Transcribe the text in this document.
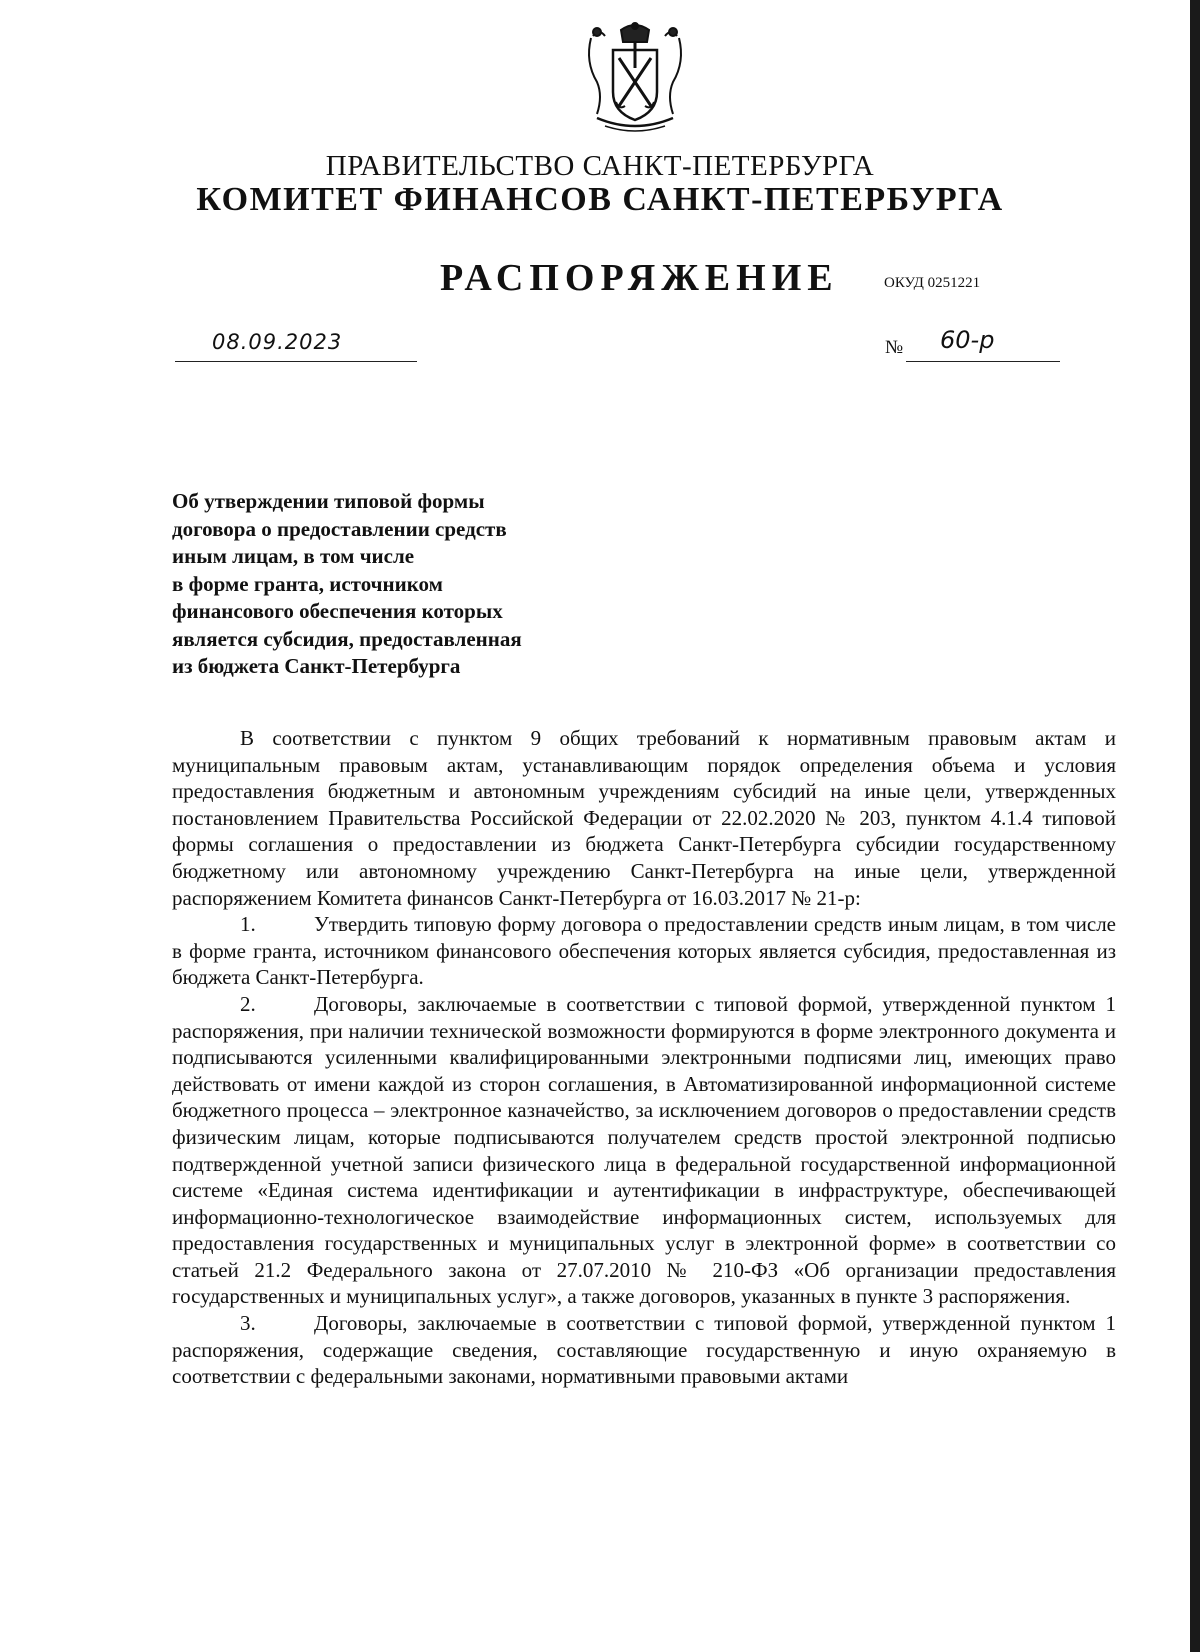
ПРАВИТЕЛЬСТВО САНКТ-ПЕТЕРБУРГА
КОМИТЕТ ФИНАНСОВ САНКТ-ПЕТЕРБУРГА
РАСПОРЯЖЕНИЕ	ОКУД 0251221
08.09.2023	№ 60-р
Об утверждении типовой формы
договора о предоставлении средств
иным лицам, в том числе
в форме гранта, источником
финансового обеспечения которых
является субсидия, предоставленная
из бюджета Санкт-Петербурга

В соответствии с пунктом 9 общих требований к нормативным правовым актам и муниципальным правовым актам, устанавливающим порядок определения объема и условия предоставления бюджетным и автономным учреждениям субсидий на иные цели, утвержденных постановлением Правительства Российской Федерации от 22.02.2020 № 203, пунктом 4.1.4 типовой формы соглашения о предоставлении из бюджета Санкт-Петербурга субсидии государственному бюджетному или автономному учреждению Санкт-Петербурга на иные цели, утвержденной распоряжением Комитета финансов Санкт-Петербурга от 16.03.2017 № 21-р:

1.	Утвердить типовую форму договора о предоставлении средств иным лицам, в том числе в форме гранта, источником финансового обеспечения которых является субсидия, предоставленная из бюджета Санкт-Петербурга.

2.	Договоры, заключаемые в соответствии с типовой формой, утвержденной пунктом 1 распоряжения, при наличии технической возможности формируются в форме электронного документа и подписываются усиленными квалифицированными электронными подписями лиц, имеющих право действовать от имени каждой из сторон соглашения, в Автоматизированной информационной системе бюджетного процесса – электронное казначейство, за исключением договоров о предоставлении средств физическим лицам, которые подписываются получателем средств простой электронной подписью подтвержденной учетной записи физического лица в федеральной государственной информационной системе «Единая система идентификации и аутентификации в инфраструктуре, обеспечивающей информационно-технологическое взаимодействие информационных систем, используемых для предоставления государственных и муниципальных услуг в электронной форме» в соответствии со статьей 21.2 Федерального закона от 27.07.2010 № 210-ФЗ «Об организации предоставления государственных и муниципальных услуг», а также договоров, указанных в пункте 3 распоряжения.

3.	Договоры, заключаемые в соответствии с типовой формой, утвержденной пунктом 1 распоряжения, содержащие сведения, составляющие государственную и иную охраняемую в соответствии с федеральными законами, нормативными правовыми актами
